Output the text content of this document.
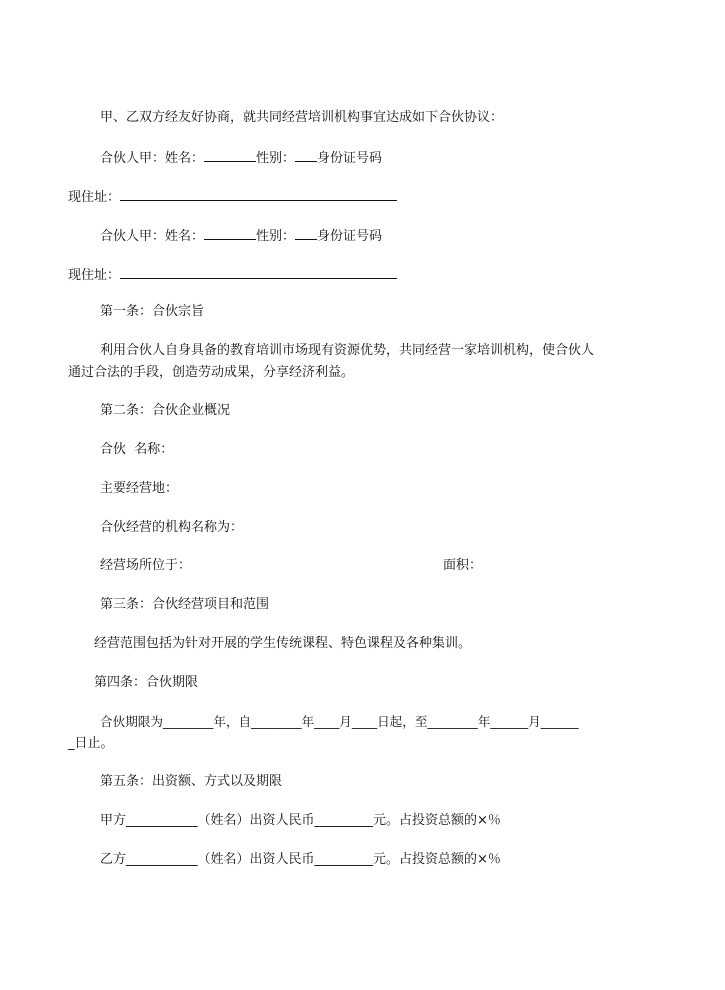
甲、乙双方经友好协商，就共同经营培训机构事宜达成如下合伙协议：
合伙人甲：姓名：	性别： 身份证号码
现住址：
合伙人甲：姓名：	性别： 身份证号码
现住址：
第一条：合伙宗旨
利用合伙人自身具备的教育培训市场现有资源优势，共同经营一家培训机构，使合伙人
通过合法的手段，创造劳动成果，分享经济利益。
第二条：合伙企业概况
合伙  名称：
主要经营地：
合伙经营的机构名称为：
经营场所位于：	面积：
第三条：合伙经营项目和范围
经营范围包括为针对开展的学生传统课程、特色课程及各种集训。
第四条：合伙期限
合伙期限为________年，自________年____月____日起，至________年______月______
_日止。
第五条：出资额、方式以及期限
甲方___________（姓名）出资人民币_________元。占投资总额的×％
乙方___________（姓名）出资人民币_________元。占投资总额的×％
